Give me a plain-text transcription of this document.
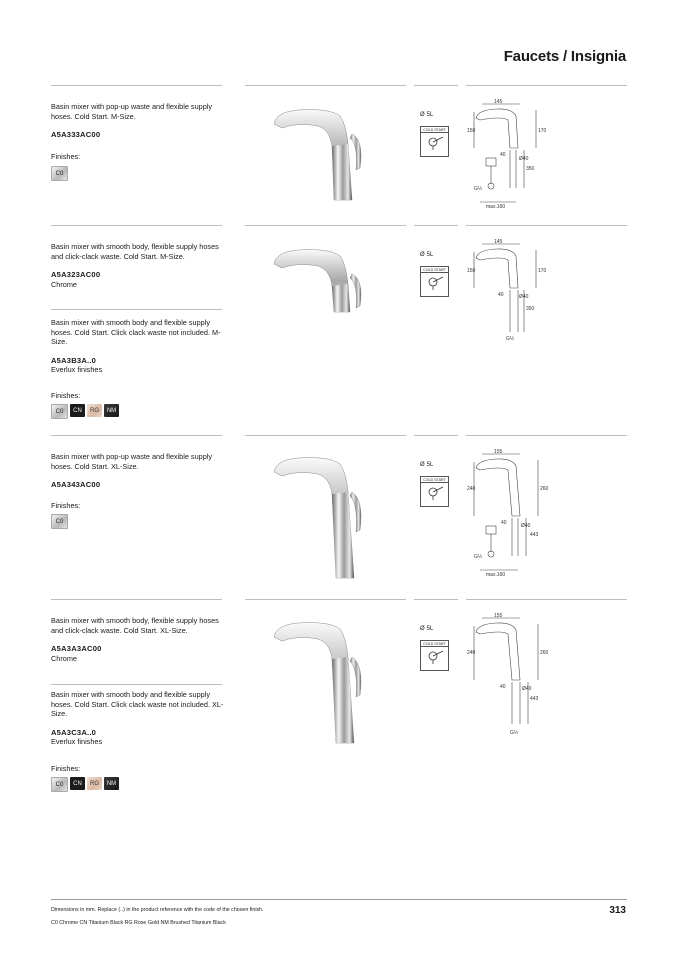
Faucets / Insignia
Basin mixer with pop-up waste and flexible supply hoses. Cold Start. M-Size.
A5A333AC00
Finishes:
C0
Basin mixer with smooth body, flexible supply hoses and click-clack waste. Cold Start. M-Size.
A5A323AC00
Chrome
Basin mixer with smooth body and flexible supply hoses. Cold Start. Click clack waste not included. M-Size.
A5A3B3A..0
Everlux finishes
Finishes:
C0	CN	RG	NM
Basin mixer with pop-up waste and flexible supply hoses. Cold Start. XL-Size.
A5A343AC00
Finishes:
C0
Basin mixer with smooth body, flexible supply hoses and click-clack waste. Cold Start. XL-Size.
A5A3A3AC00
Chrome
Basin mixer with smooth body and flexible supply hoses. Cold Start. Click clack waste not included. XL-Size.
A5A3C3A..0
Everlux finishes
Finishes:
C0	CN	RG	NM
Ø 5L
COLD START
Ø 5L
COLD START
Ø 5L
COLD START
Ø 5L
COLD START
145
150	170
40
Ø40
350
G½
max.160
145
150	170
40	Ø40
350
G½
155
240	260
40	Ø40
443
G½
max.160
155
240	260
40	Ø40
443
G½
Dimensions in mm. Replace (..) in the product reference with the code of the chosen finish.
C0 Chrome CN Titanium Black RG Rose Gold NM Brushed Titanium Black
313
